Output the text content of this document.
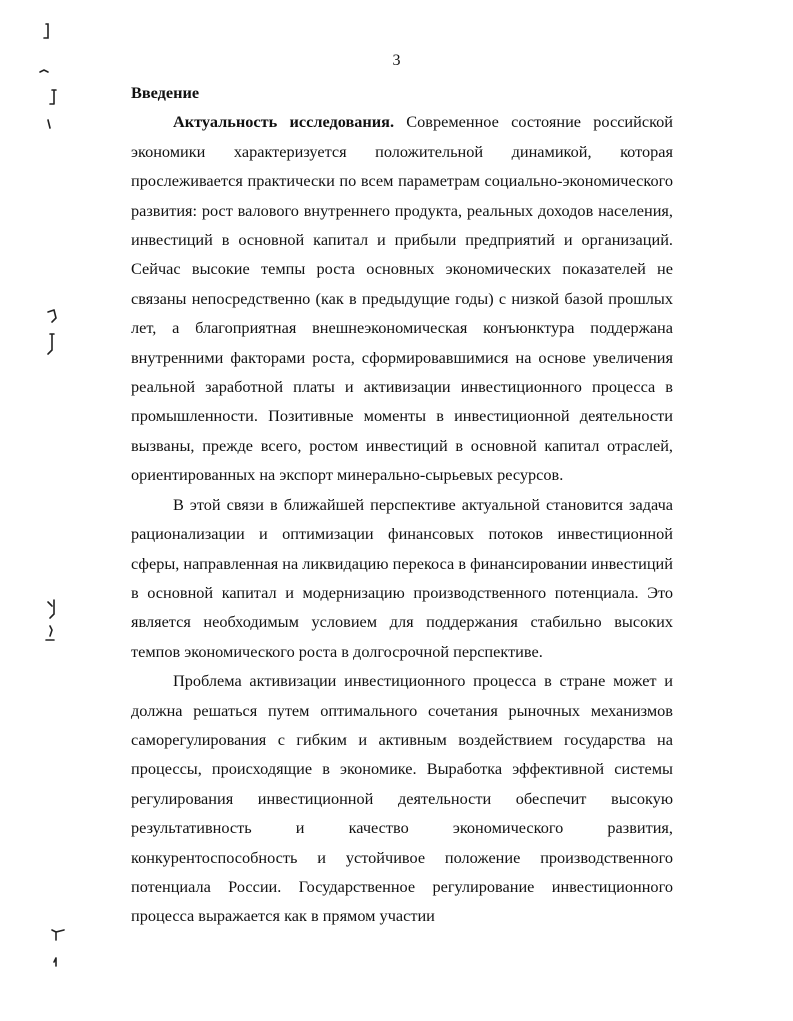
3

Введение

Актуальность исследования. Современное состояние российской экономики характеризуется положительной динамикой, которая прослеживается практически по всем параметрам социально-экономического развития: рост валового внутреннего продукта, реальных доходов населения, инвестиций в основной капитал и прибыли предприятий и организаций. Сейчас высокие темпы роста основных экономических показателей не связаны непосредственно (как в предыдущие годы) с низкой базой прошлых лет, а благоприятная внешнеэкономическая конъюнктура поддержана внутренними факторами роста, сформировавшимися на основе увеличения реальной заработной платы и активизации инвестиционного процесса в промышленности. Позитивные моменты в инвестиционной деятельности вызваны, прежде всего, ростом инвестиций в основной капитал отраслей, ориентированных на экспорт минерально-сырьевых ресурсов.

В этой связи в ближайшей перспективе актуальной становится задача рационализации и оптимизации финансовых потоков инвестиционной сферы, направленная на ликвидацию перекоса в финансировании инвестиций в основной капитал и модернизацию производственного потенциала. Это является необходимым условием для поддержания стабильно высоких темпов экономического роста в долгосрочной перспективе.

Проблема активизации инвестиционного процесса в стране может и должна решаться путем оптимального сочетания рыночных механизмов саморегулирования с гибким и активным воздействием государства на процессы, происходящие в экономике. Выработка эффективной системы регулирования инвестиционной деятельности обеспечит высокую результативность и качество экономического развития, конкурентоспособность и устойчивое положение производственного потенциала России. Государственное регулирование инвестиционного процесса выражается как в прямом участии
